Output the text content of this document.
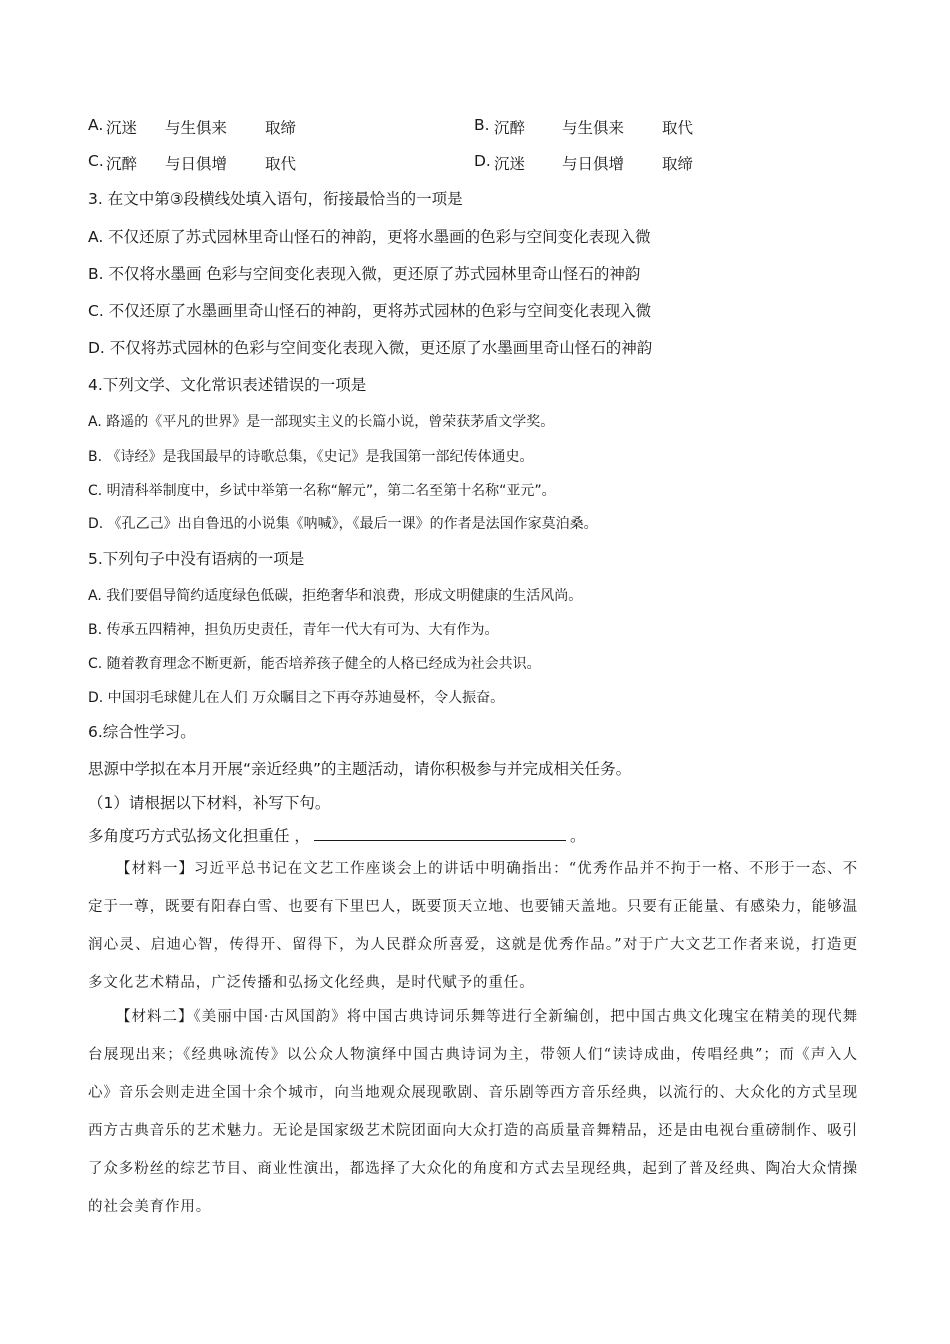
A. 沉迷 与生俱来 取缔	B. 沉醉 与生俱来 取代
C. 沉醉 与日俱增 取代	D. 沉迷 与日俱增 取缔
3. 在文中第③段横线处填入语句，衔接最恰当的一项是
A. 不仅还原了苏式园林里奇山怪石的神韵，更将水墨画的色彩与空间变化表现入微
B. 不仅将水墨画 色彩与空间变化表现入微，更还原了苏式园林里奇山怪石的神韵
C. 不仅还原了水墨画里奇山怪石的神韵，更将苏式园林的色彩与空间变化表现入微
D. 不仅将苏式园林的色彩与空间变化表现入微，更还原了水墨画里奇山怪石的神韵
4.下列文学、文化常识表述错误的一项是
A. 路遥的《平凡的世界》是一部现实主义的长篇小说，曾荣获茅盾文学奖。
B. 《诗经》是我国最早的诗歌总集，《史记》是我国第一部纪传体通史。
C. 明清科举制度中，乡试中举第一名称“解元”，第二名至第十名称“亚元”。
D. 《孔乙己》出自鲁迅的小说集《呐喊》，《最后一课》的作者是法国作家莫泊桑。
5.下列句子中没有语病的一项是
A. 我们要倡导简约适度绿色低碳，拒绝奢华和浪费，形成文明健康的生活风尚。
B. 传承五四精神，担负历史责任，青年一代大有可为、大有作为。
C. 随着教育理念不断更新，能否培养孩子健全的人格已经成为社会共识。
D. 中国羽毛球健儿在人们 万众瞩目之下再夺苏迪曼杯，令人振奋。
6.综合性学习。
思源中学拟在本月开展“亲近经典”的主题活动，请你积极参与并完成相关任务。
（1）请根据以下材料，补写下句。
多角度巧方式弘扬文化担重任 ，	。
【材料一】习近平总书记在文艺工作座谈会上的讲话中明确指出：“优秀作品并不拘于一格、不形于一态、不定于一尊，既要有阳春白雪、也要有下里巴人，既要顶天立地、也要铺天盖地。只要有正能量、有感染力，能够温润心灵、启迪心智，传得开、留得下，为人民群众所喜爱，这就是优秀作品。”对于广大文艺工作者来说，打造更多文化艺术精品，广泛传播和弘扬文化经典，是时代赋予的重任。
【材料二】《美丽中国·古风国韵》将中国古典诗词乐舞等进行全新编创，把中国古典文化瑰宝在精美的现代舞台展现出来；《经典咏流传》以公众人物演绎中国古典诗词为主，带领人们“读诗成曲，传唱经典”；而《声入人心》音乐会则走进全国十余个城市，向当地观众展现歌剧、音乐剧等西方音乐经典，以流行的、大众化的方式呈现西方古典音乐的艺术魅力。无论是国家级艺术院团面向大众打造的高质量音舞精品，还是由电视台重磅制作、吸引了众多粉丝的综艺节目、商业性演出，都选择了大众化的角度和方式去呈现经典，起到了普及经典、陶冶大众情操的社会美育作用。
